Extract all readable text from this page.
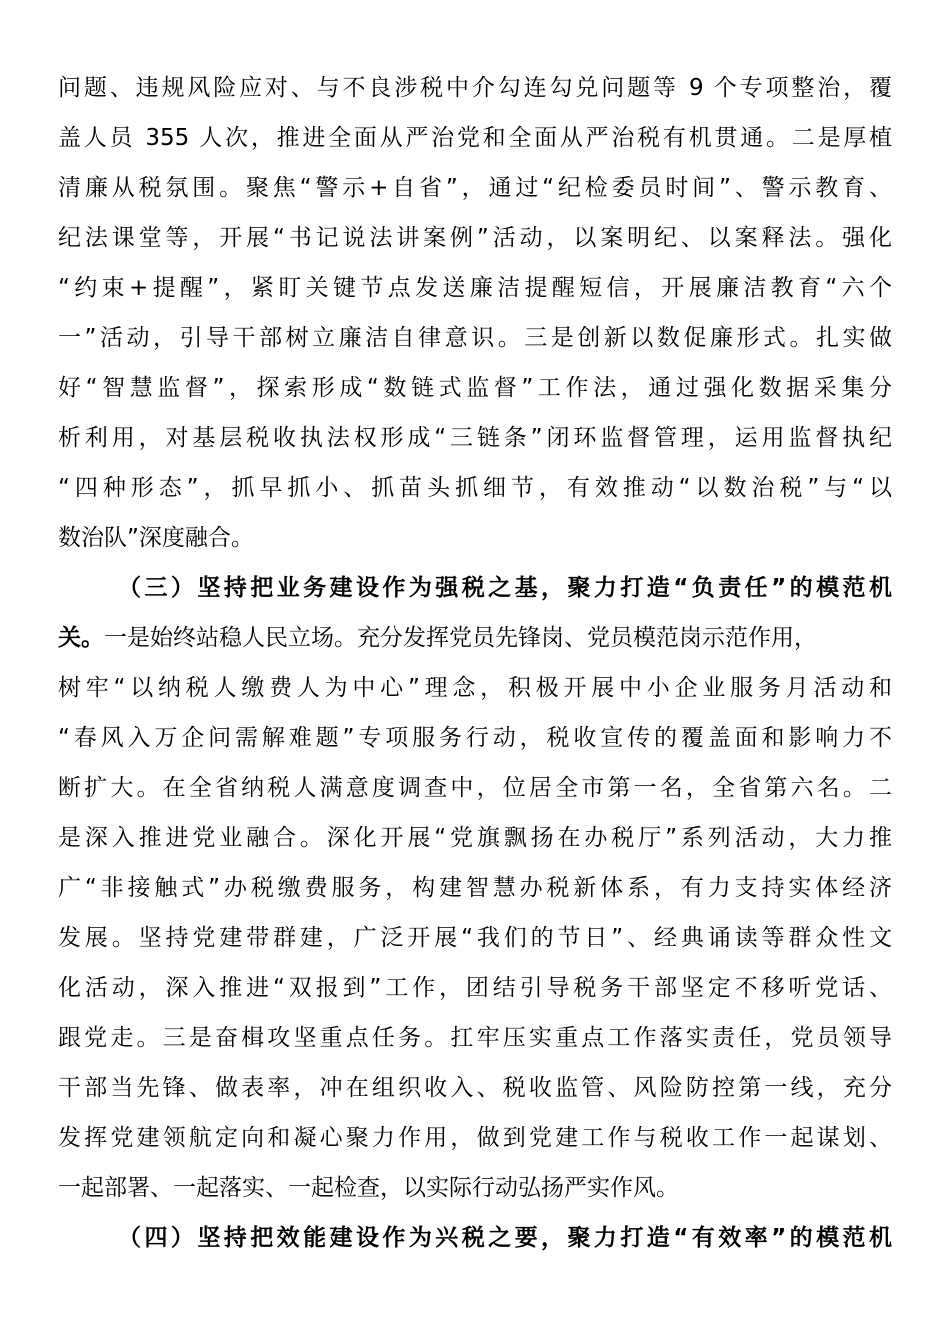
问题、违规风险应对、与不良涉税中介勾连勾兑问题等 9 个专项整治，覆
盖人员 355 人次，推进全面从严治党和全面从严治税有机贯通。二是厚植
清廉从税氛围。聚焦“警示+自省”，通过“纪检委员时间”、警示教育、
纪法课堂等，开展“书记说法讲案例”活动，以案明纪、以案释法。强化
“约束+提醒”，紧盯关键节点发送廉洁提醒短信，开展廉洁教育“六个
一”活动，引导干部树立廉洁自律意识。三是创新以数促廉形式。扎实做
好“智慧监督”，探索形成“数链式监督”工作法，通过强化数据采集分
析利用，对基层税收执法权形成“三链条”闭环监督管理，运用监督执纪
“四种形态”，抓早抓小、抓苗头抓细节，有效推动“以数治税”与“以
数治队”深度融合。
（三）坚持把业务建设作为强税之基，聚力打造“负责任”的模范机
关。一是始终站稳人民立场。充分发挥党员先锋岗、党员模范岗示范作用，
树牢“以纳税人缴费人为中心”理念，积极开展中小企业服务月活动和
“春风入万企问需解难题”专项服务行动，税收宣传的覆盖面和影响力不
断扩大。在全省纳税人满意度调查中，位居全市第一名，全省第六名。二
是深入推进党业融合。深化开展“党旗飘扬在办税厅”系列活动，大力推
广“非接触式”办税缴费服务，构建智慧办税新体系，有力支持实体经济
发展。坚持党建带群建，广泛开展“我们的节日”、经典诵读等群众性文
化活动，深入推进“双报到”工作，团结引导税务干部坚定不移听党话、
跟党走。三是奋楫攻坚重点任务。扛牢压实重点工作落实责任，党员领导
干部当先锋、做表率，冲在组织收入、税收监管、风险防控第一线，充分
发挥党建领航定向和凝心聚力作用，做到党建工作与税收工作一起谋划、
一起部署、一起落实、一起检查，以实际行动弘扬严实作风。
（四）坚持把效能建设作为兴税之要，聚力打造“有效率”的模范机
